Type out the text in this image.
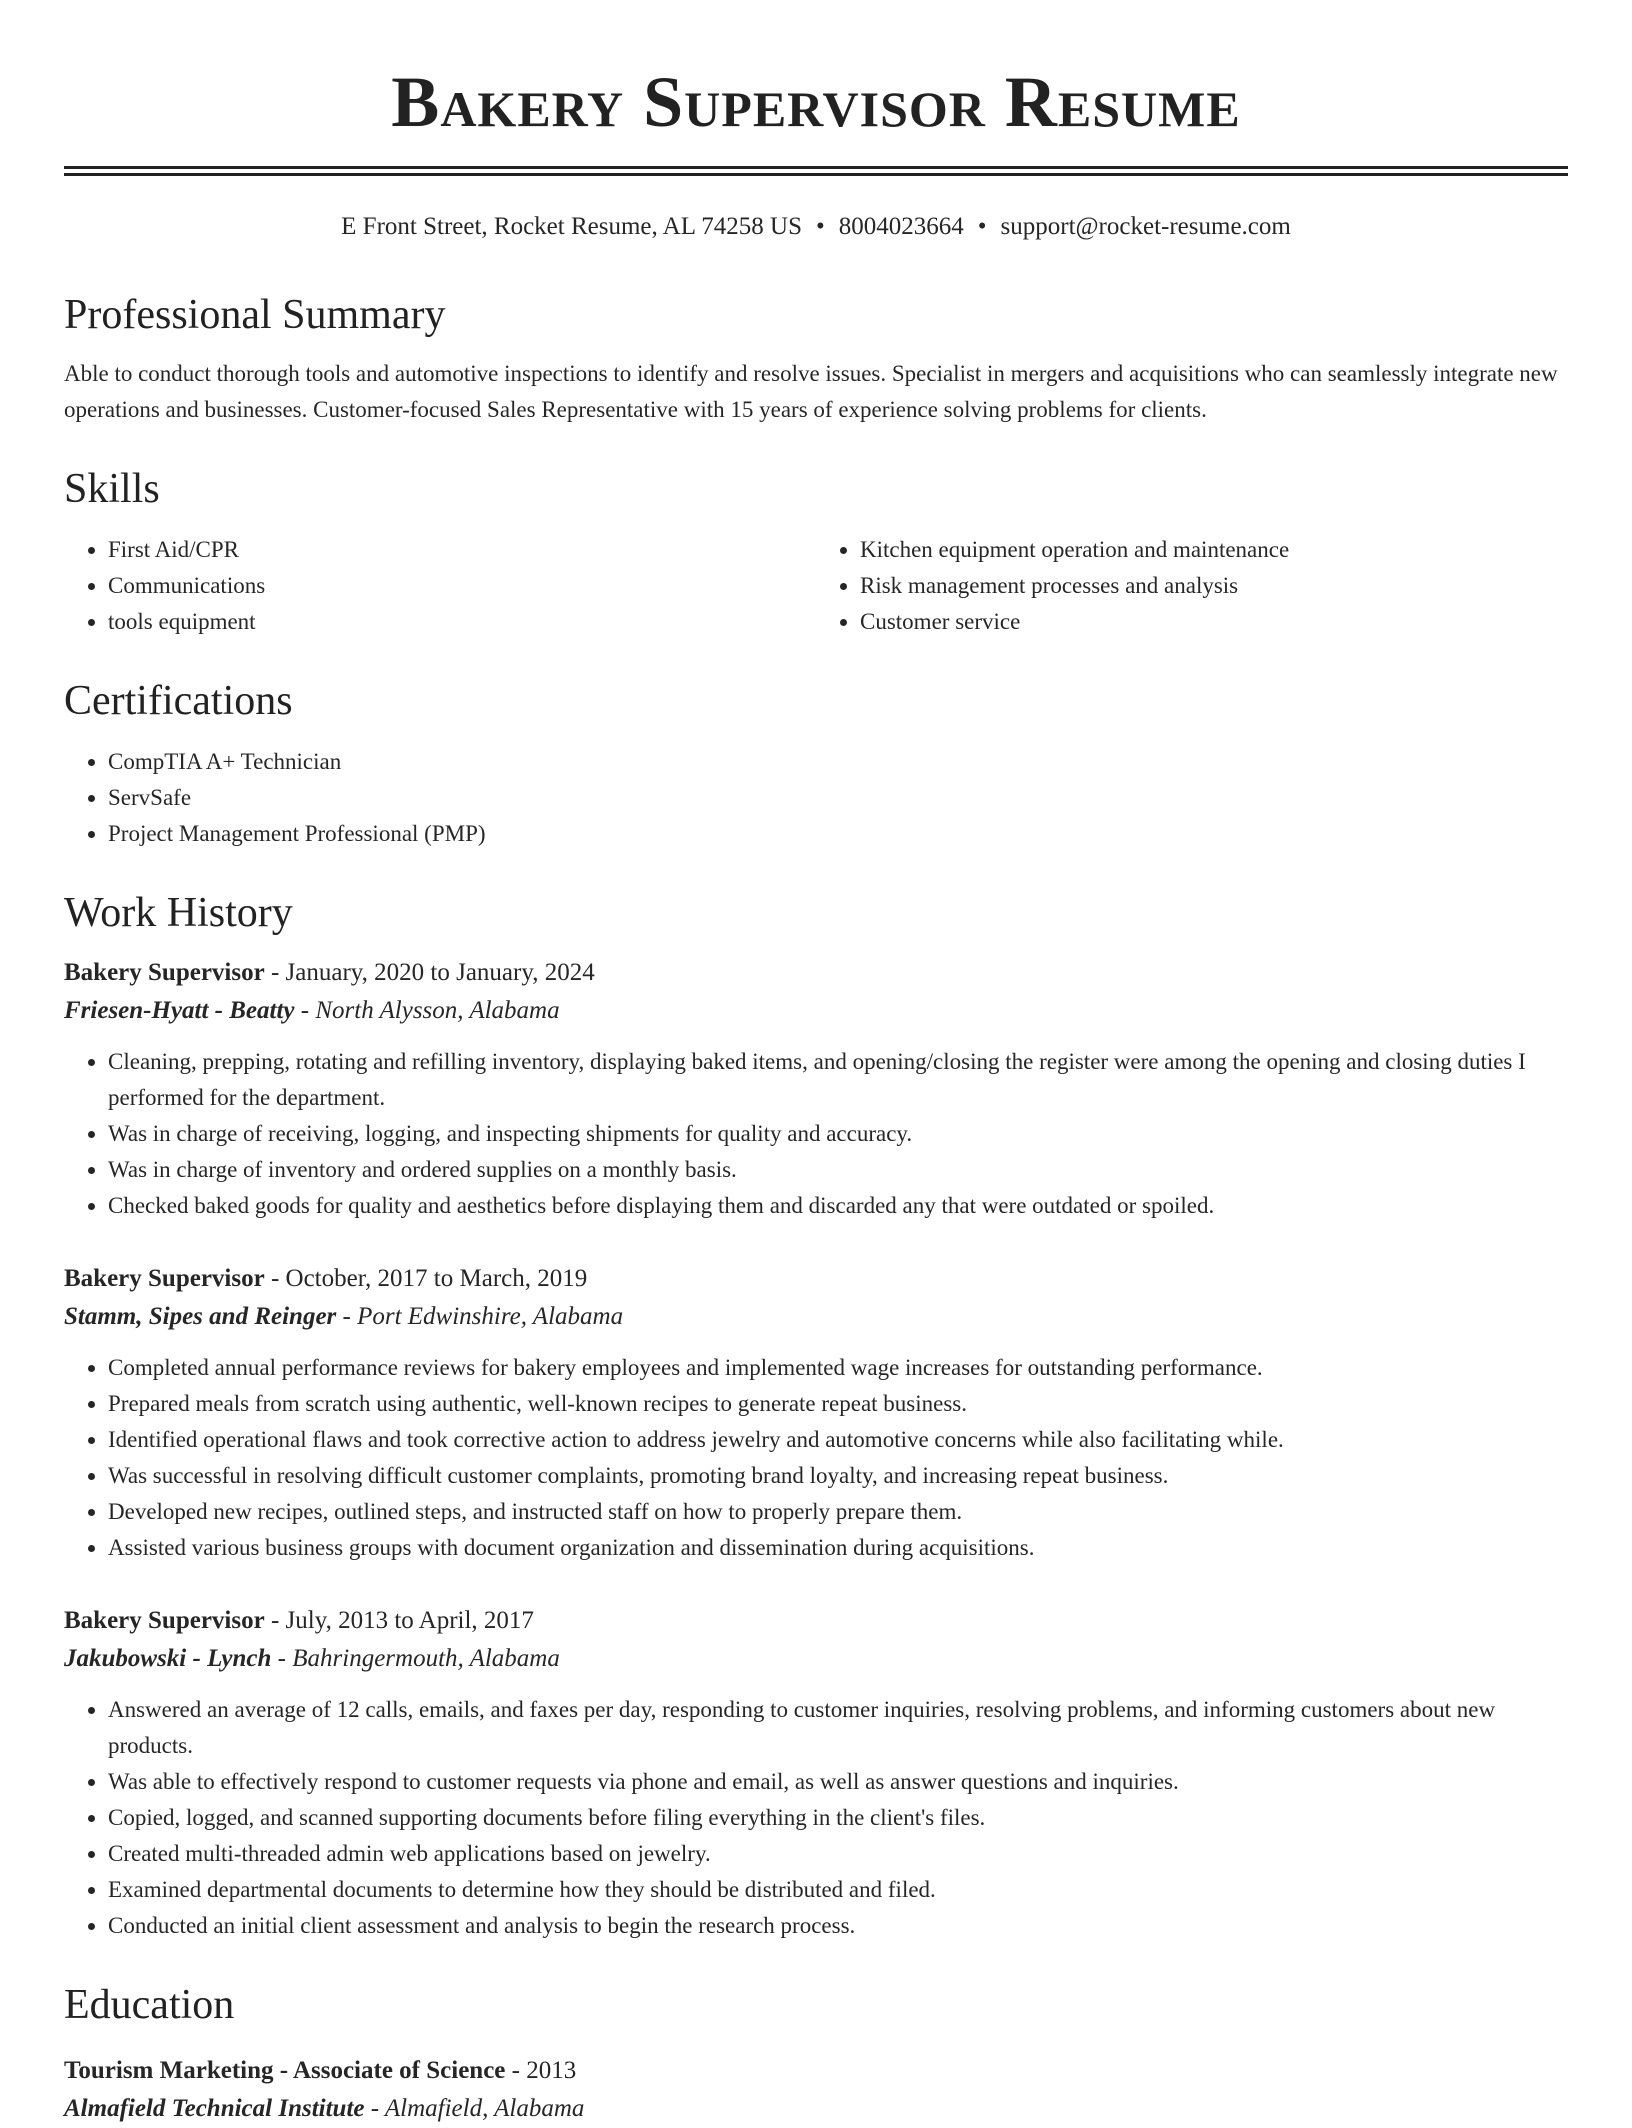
Bakery Supervisor Resume
E Front Street, Rocket Resume, AL 74258 US • 8004023664 • support@rocket-resume.com
Professional Summary
Able to conduct thorough tools and automotive inspections to identify and resolve issues. Specialist in mergers and acquisitions who can seamlessly integrate new operations and businesses. Customer-focused Sales Representative with 15 years of experience solving problems for clients.
Skills
• First Aid/CPR
• Communications
• tools equipment
• Kitchen equipment operation and maintenance
• Risk management processes and analysis
• Customer service
Certifications
• CompTIA A+ Technician
• ServSafe
• Project Management Professional (PMP)
Work History
Bakery Supervisor - January, 2020 to January, 2024
Friesen-Hyatt - Beatty - North Alysson, Alabama
• Cleaning, prepping, rotating and refilling inventory, displaying baked items, and opening/closing the register were among the opening and closing duties I performed for the department.
• Was in charge of receiving, logging, and inspecting shipments for quality and accuracy.
• Was in charge of inventory and ordered supplies on a monthly basis.
• Checked baked goods for quality and aesthetics before displaying them and discarded any that were outdated or spoiled.
Bakery Supervisor - October, 2017 to March, 2019
Stamm, Sipes and Reinger - Port Edwinshire, Alabama
• Completed annual performance reviews for bakery employees and implemented wage increases for outstanding performance.
• Prepared meals from scratch using authentic, well-known recipes to generate repeat business.
• Identified operational flaws and took corrective action to address jewelry and automotive concerns while also facilitating while.
• Was successful in resolving difficult customer complaints, promoting brand loyalty, and increasing repeat business.
• Developed new recipes, outlined steps, and instructed staff on how to properly prepare them.
• Assisted various business groups with document organization and dissemination during acquisitions.
Bakery Supervisor - July, 2013 to April, 2017
Jakubowski - Lynch - Bahringermouth, Alabama
• Answered an average of 12 calls, emails, and faxes per day, responding to customer inquiries, resolving problems, and informing customers about new products.
• Was able to effectively respond to customer requests via phone and email, as well as answer questions and inquiries.
• Copied, logged, and scanned supporting documents before filing everything in the client's files.
• Created multi-threaded admin web applications based on jewelry.
• Examined departmental documents to determine how they should be distributed and filed.
• Conducted an initial client assessment and analysis to begin the research process.
Education
Tourism Marketing - Associate of Science - 2013
Almafield Technical Institute - Almafield, Alabama
